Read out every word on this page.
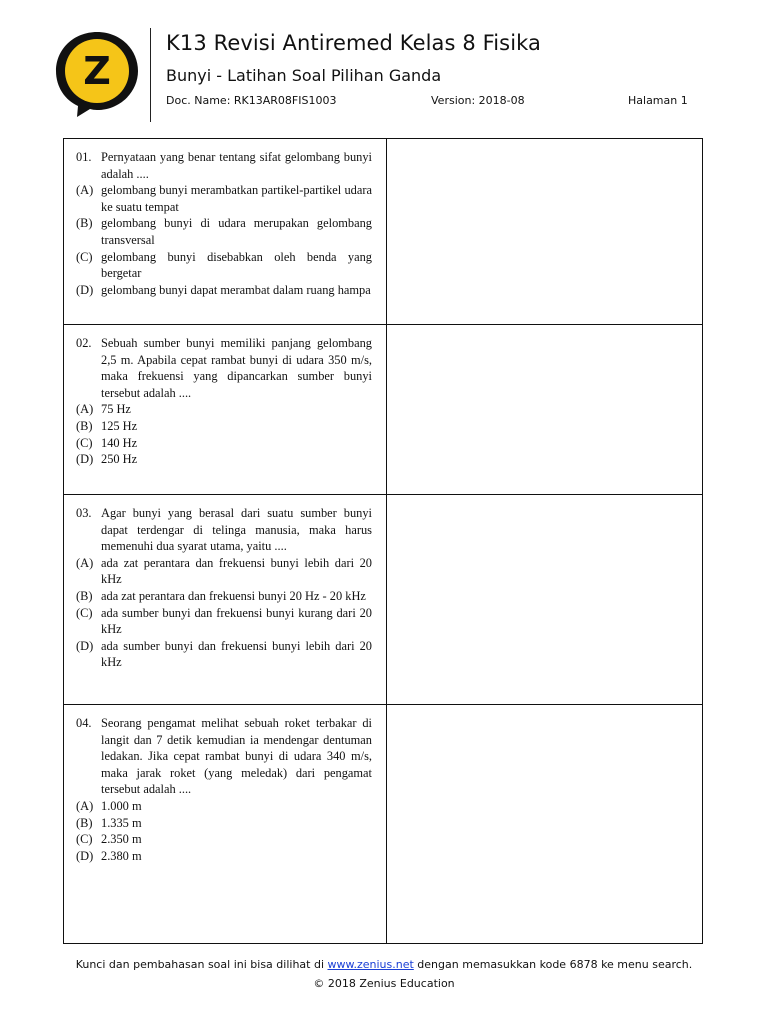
Z
K13 Revisi Antiremed Kelas 8 Fisika
Bunyi - Latihan Soal Pilihan Ganda
Doc. Name: RK13AR08FIS1003	Version: 2018-08	Halaman 1
01. Pernyataan yang benar tentang sifat gelombang bunyi adalah ....
(A) gelombang bunyi merambatkan partikel-partikel udara ke suatu tempat
(B) gelombang bunyi di udara merupakan gelombang transversal
(C) gelombang bunyi disebabkan oleh benda yang bergetar
(D) gelombang bunyi dapat merambat dalam ruang hampa
02. Sebuah sumber bunyi memiliki panjang gelombang 2,5 m. Apabila cepat rambat bunyi di udara 350 m/s, maka frekuensi yang dipancarkan sumber bunyi tersebut adalah ....
(A) 75 Hz
(B) 125 Hz
(C) 140 Hz
(D) 250 Hz
03. Agar bunyi yang berasal dari suatu sumber bunyi dapat terdengar di telinga manusia, maka harus memenuhi dua syarat utama, yaitu ....
(A) ada zat perantara dan frekuensi bunyi lebih dari 20 kHz
(B) ada zat perantara dan frekuensi bunyi 20 Hz - 20 kHz
(C) ada sumber bunyi dan frekuensi bunyi kurang dari 20 kHz
(D) ada sumber bunyi dan frekuensi bunyi lebih dari 20 kHz
04. Seorang pengamat melihat sebuah roket terbakar di langit dan 7 detik kemudian ia mendengar dentuman ledakan. Jika cepat rambat bunyi di udara 340 m/s, maka jarak roket (yang meledak) dari pengamat tersebut adalah ....
(A) 1.000 m
(B) 1.335 m
(C) 2.350 m
(D) 2.380 m
Kunci dan pembahasan soal ini bisa dilihat di www.zenius.net dengan memasukkan kode 6878 ke menu search.
© 2018 Zenius Education
